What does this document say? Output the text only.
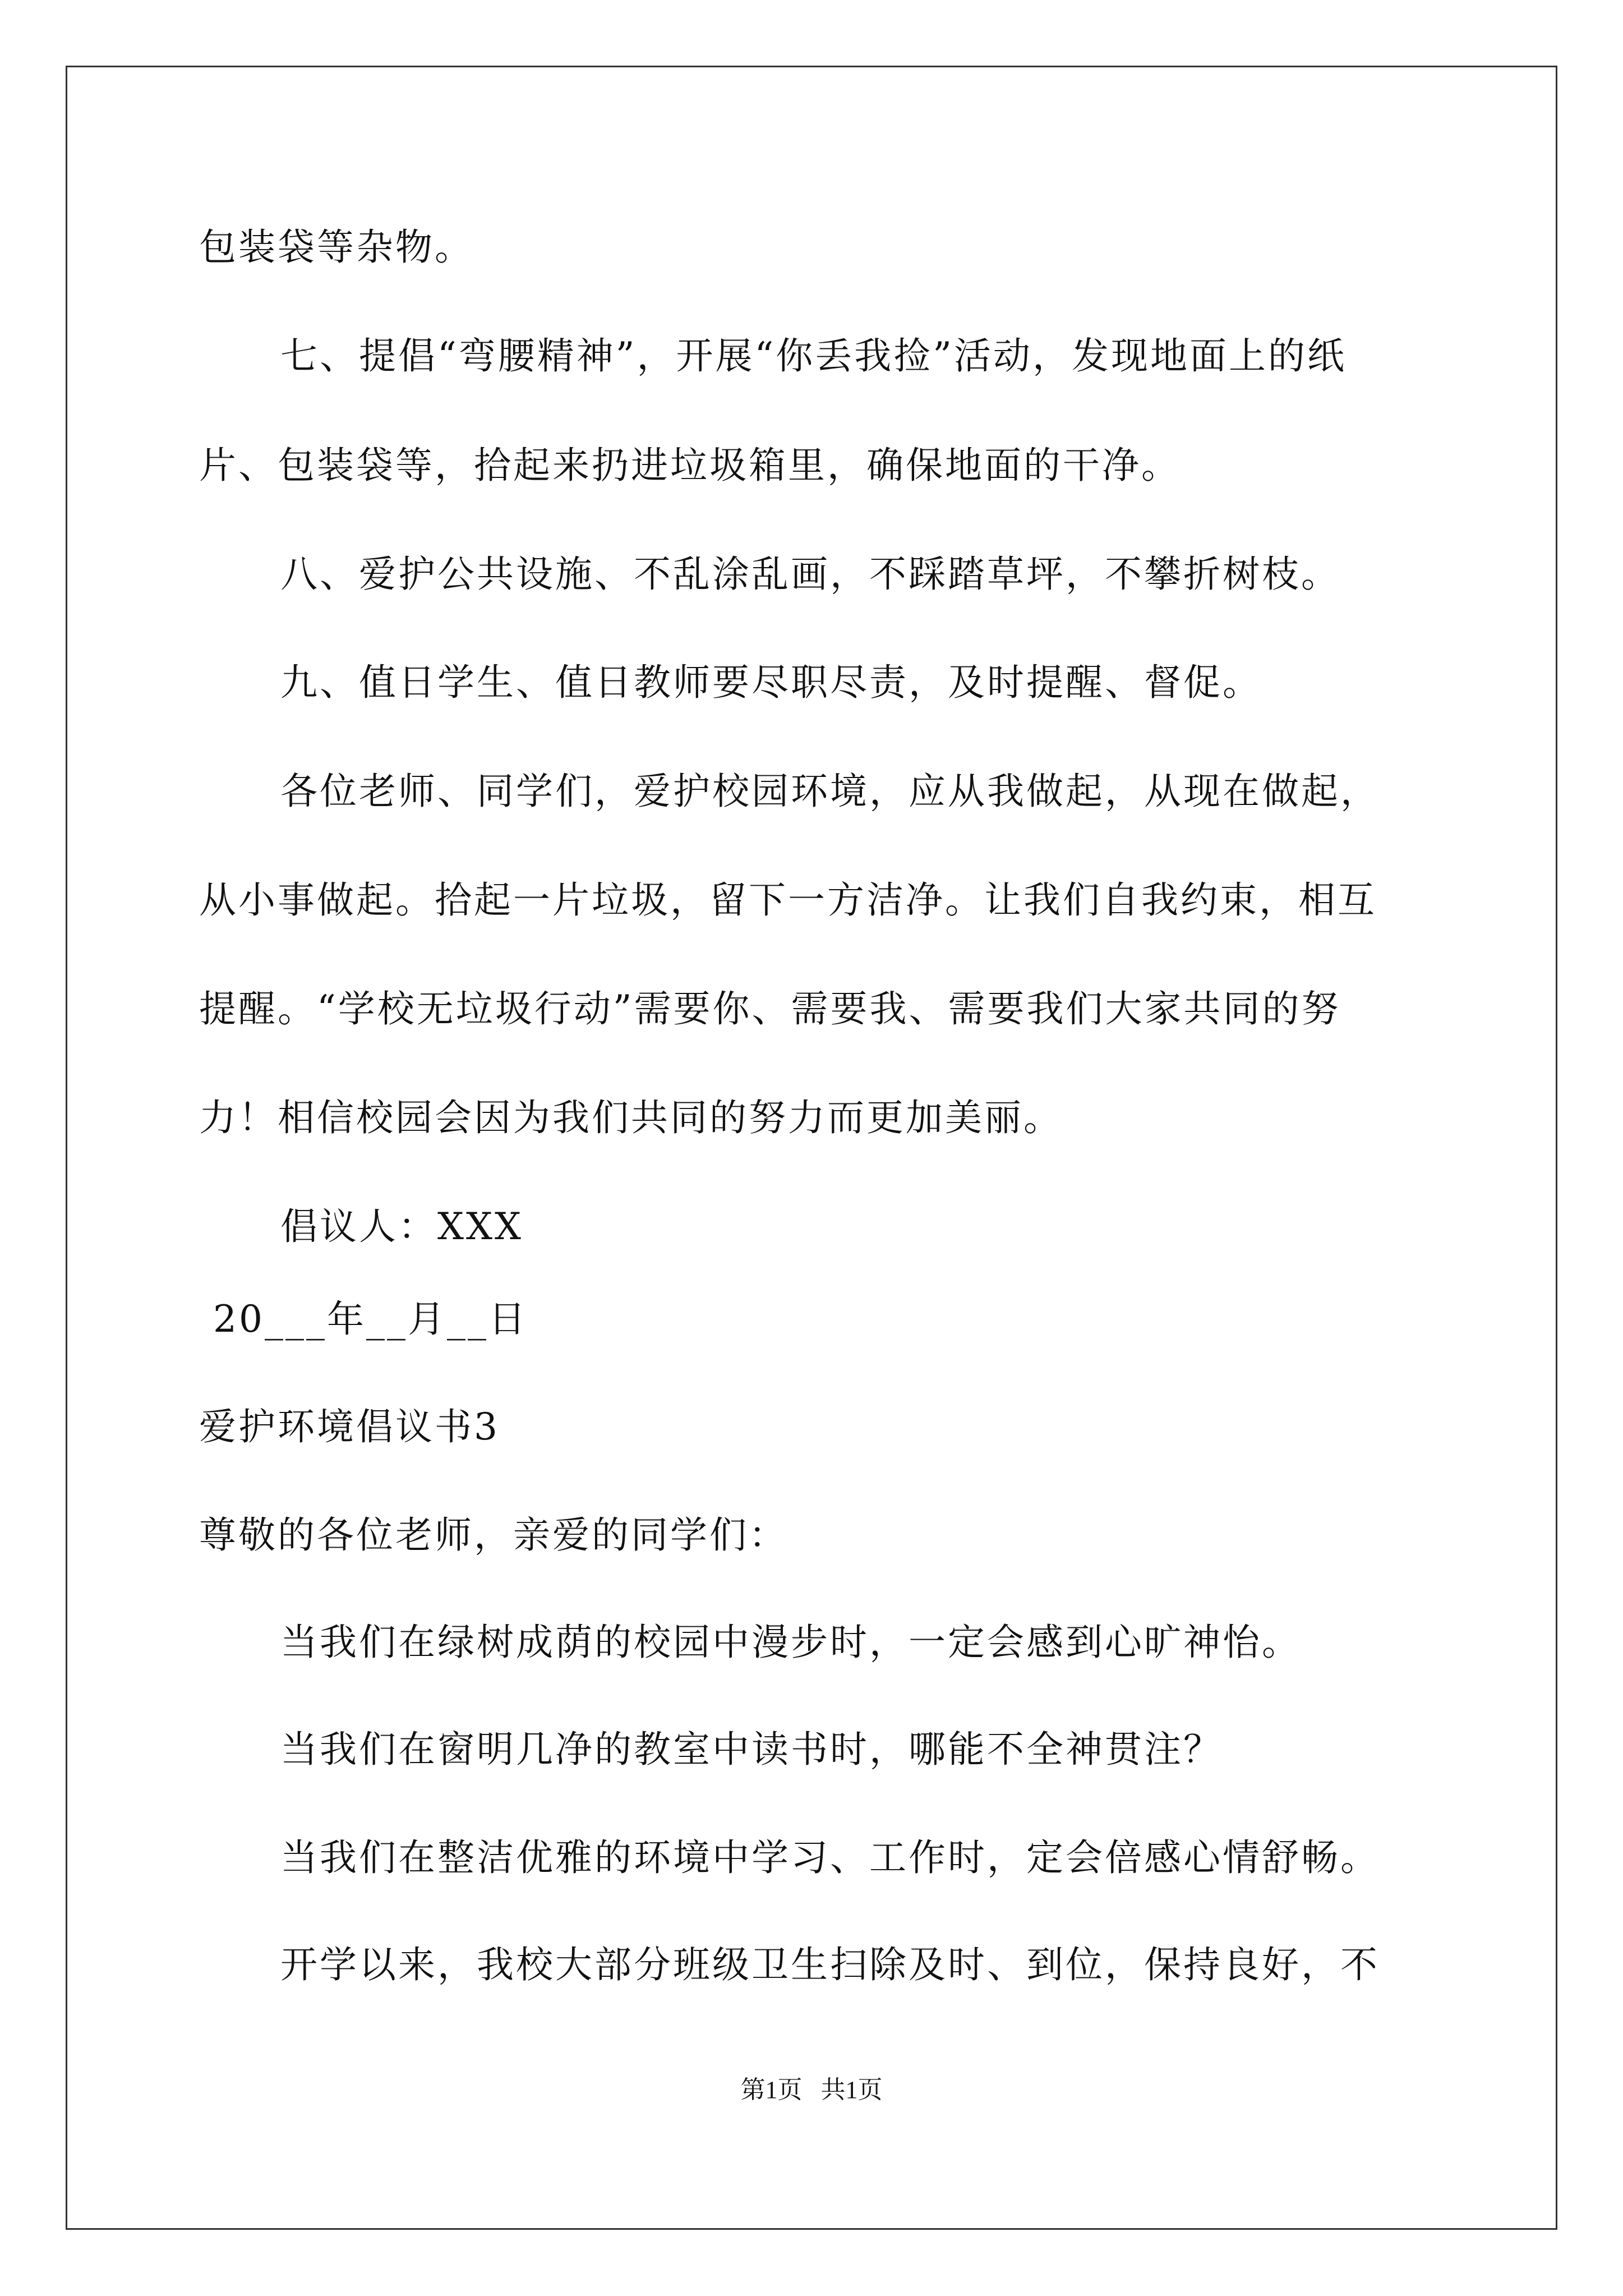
包装袋等杂物。
七、提倡“弯腰精神”，开展“你丢我捡”活动，发现地面上的纸
片、包装袋等，拾起来扔进垃圾箱里，确保地面的干净。
八、爱护公共设施、不乱涂乱画，不踩踏草坪，不攀折树枝。
九、值日学生、值日教师要尽职尽责，及时提醒、督促。
各位老师、同学们，爱护校园环境，应从我做起，从现在做起，
从小事做起。拾起一片垃圾，留下一方洁净。让我们自我约束，相互
提醒。“学校无垃圾行动”需要你、需要我、需要我们大家共同的努
力！相信校园会因为我们共同的努力而更加美丽。
倡议人：XXX
20___年__月__日
爱护环境倡议书3
尊敬的各位老师，亲爱的同学们：
当我们在绿树成荫的校园中漫步时，一定会感到心旷神怡。
当我们在窗明几净的教室中读书时，哪能不全神贯注？
当我们在整洁优雅的环境中学习、工作时，定会倍感心情舒畅。
开学以来，我校大部分班级卫生扫除及时、到位，保持良好，不
第1页   共1页
